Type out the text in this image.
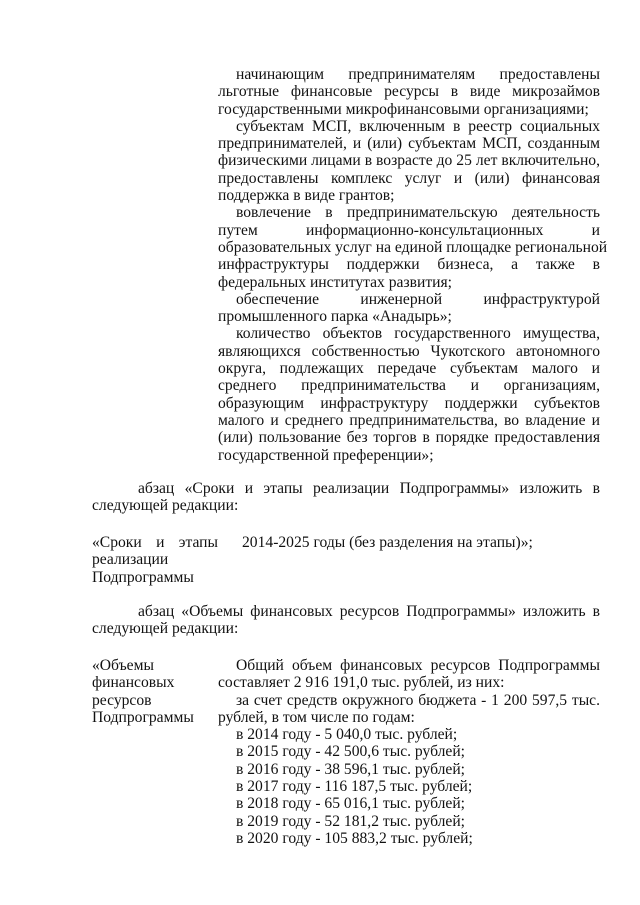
начинающим предпринимателям предоставлены

льготные финансовые ресурсы в виде микрозаймов

государственными микрофинансовыми организациями;

субъектам МСП, включенным в реестр социальных

предпринимателей, и (или) субъектам МСП, созданным

физическими лицами в возрасте до 25 лет включительно,

предоставлены комплекс услуг и (или) финансовая

поддержка в виде грантов;

вовлечение в предпринимательскую деятельность

путем информационно-консультационных и

образовательных услуг на единой площадке региональной

инфраструктуры поддержки бизнеса, а также в

федеральных институтах развития;

обеспечение инженерной инфраструктурой

промышленного парка «Анадырь»;

количество объектов государственного имущества,

являющихся собственностью Чукотского автономного

округа, подлежащих передаче субъектам малого и

среднего предпринимательства и организациям,

образующим инфраструктуру поддержки субъектов

малого и среднего предпринимательства, во владение и

(или) пользование без торгов в порядке предоставления

государственной преференции»;

абзац «Сроки и этапы реализации Подпрограммы» изложить в

следующей редакции:

«Сроки и этапы
реализации
Подпрограммы

2014-2025 годы (без разделения на этапы)»;

абзац «Объемы финансовых ресурсов Подпрограммы» изложить в

следующей редакции:

«Объемы
финансовых
ресурсов
Подпрограммы

Общий объем финансовых ресурсов Подпрограммы

составляет 2 916 191,0 тыс. рублей, из них:

за счет средств окружного бюджета - 1 200 597,5 тыс.

рублей, в том числе по годам:

в 2014 году - 5 040,0 тыс. рублей;

в 2015 году - 42 500,6 тыс. рублей;

в 2016 году - 38 596,1 тыс. рублей;

в 2017 году - 116 187,5 тыс. рублей;

в 2018 году - 65 016,1 тыс. рублей;

в 2019 году - 52 181,2 тыс. рублей;

в 2020 году - 105 883,2 тыс. рублей;
